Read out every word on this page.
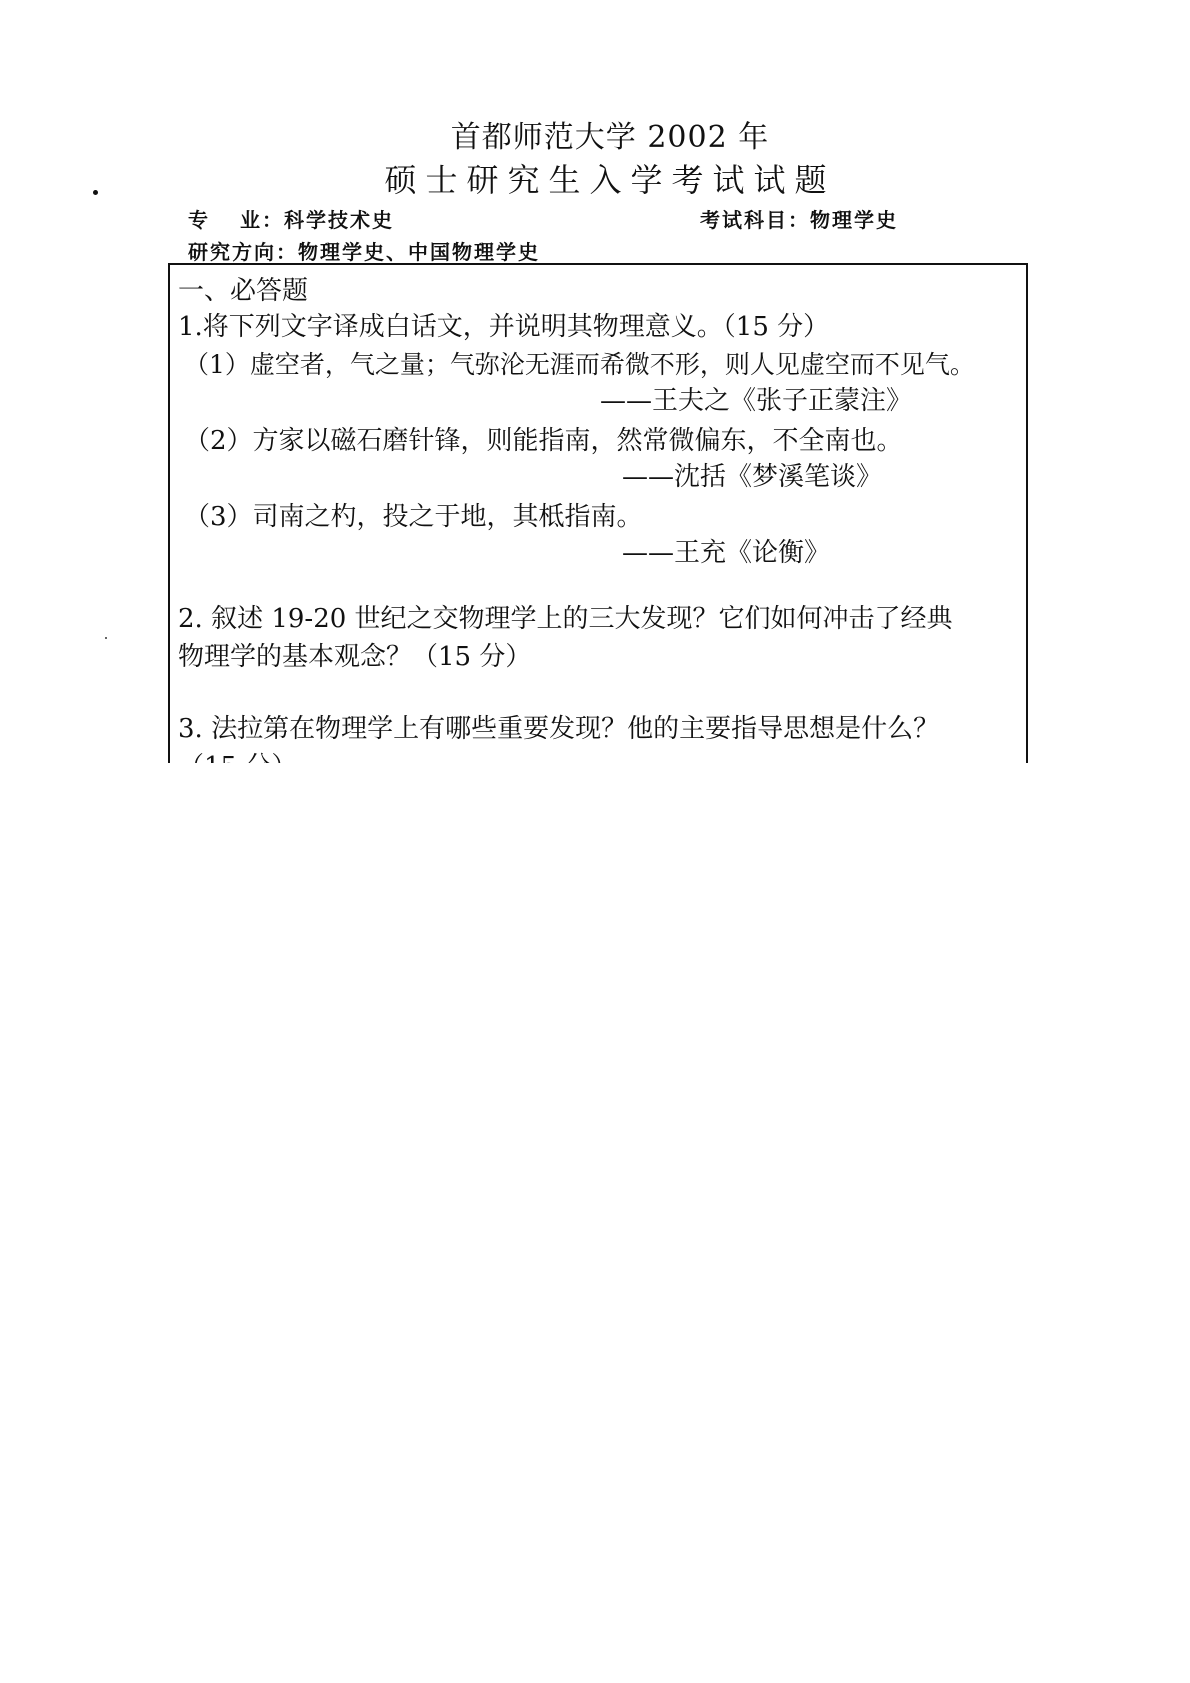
首都师范大学 2002 年
硕士研究生入学考试试题
专 业：科学技术史	考试科目：物理学史
研究方向：物理学史、中国物理学史
一、必答题
1.将下列文字译成白话文，并说明其物理意义。（15 分）
（1）虚空者，气之量；气弥沦无涯而希微不形，则人见虚空而不见气。
——王夫之《张子正蒙注》
（2）方家以磁石磨针锋，则能指南，然常微偏东，不全南也。
——沈括《梦溪笔谈》
（3）司南之杓，投之于地，其柢指南。
——王充《论衡》
2. 叙述 19-20 世纪之交物理学上的三大发现？它们如何冲击了经典
物理学的基本观念？（15 分）
3. 法拉第在物理学上有哪些重要发现？他的主要指导思想是什么？
